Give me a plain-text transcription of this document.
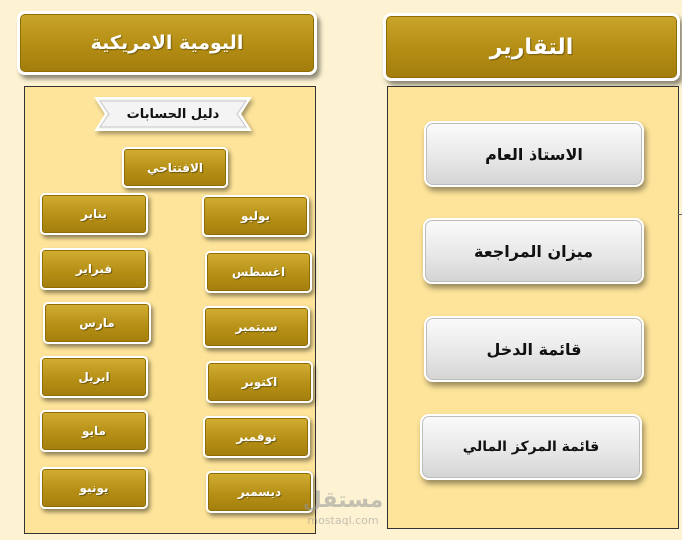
اليومية الامريكية
دليل الحسابات
الافتتاحي
يناير
فبراير
مارس
ابريل
مايو
يونيو
يوليو
اغسطس
سبتمبر
اكتوبر
نوفمبر
ديسمبر
التقارير
الاستاذ العام
ميزان المراجعة
قائمة الدخل
قائمة المركز المالي
مستقل
mostaql.com
